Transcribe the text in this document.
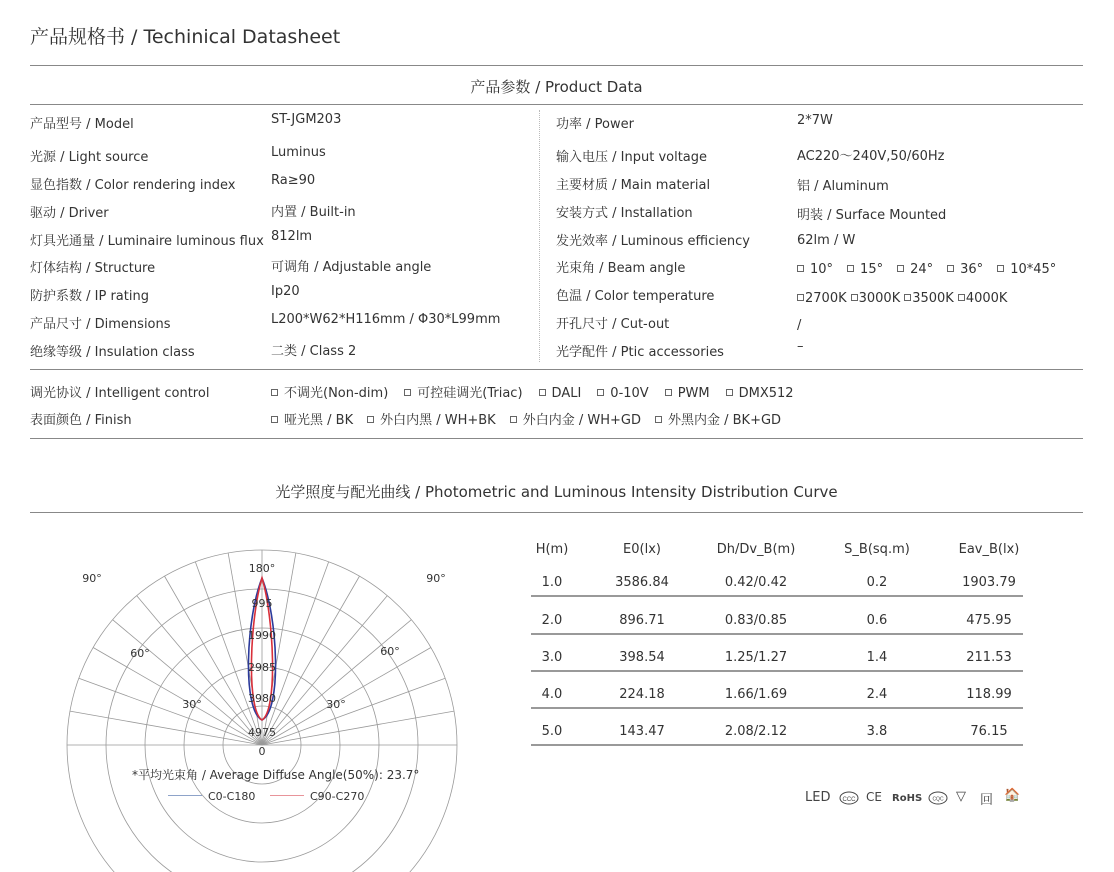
产品规格书 / Techinical Datasheet
产品参数 / Product Data
产品型号 / Model	ST-JGM203
光源 / Light source	Luminus
显色指数 / Color rendering index	Ra≥90
驱动 / Driver	内置 / Built-in
灯具光通量 / Luminaire luminous flux 812lm
灯体结构 / Structure	可调角 / Adjustable angle
防护系数 / IP rating	Ip20
产品尺寸 / Dimensions	L200*W62*H116mm / Φ30*L99mm
绝缘等级 / Insulation class	二类 / Class 2
功率 / Power	2*7W
输入电压 / Input voltage	AC220～240V,50/60Hz
主要材质 / Main material	铝 / Aluminum
安装方式 / Installation	明装 / Surface Mounted
发光效率 / Luminous efficiency	62lm / W
光束角 / Beam angle	10° 15° 24° 36° 10*45°
色温 / Color temperature	2700K 3000K 3500K 4000K
开孔尺寸 / Cut-out	/
光学配件 / Ptic accessories	–
调光协议 / Intelligent control	不调光(Non-dim) 可控硅调光(Triac) DALI 0-10V PWM DMX512
表面颜色 / Finish	哑光黑 / BK 外白内黑 / WH+BK 外白内金 / WH+GD 外黑内金 / BK+GD
光学照度与配光曲线 / Photometric and Luminous Intensity Distribution Curve
180°
90°	90°
60°	60°
30°	30°
0
995
1990
2985
3980
4975
*平均光束角 / Average Diffuse Angle(50%): 23.7°
C0-C180	C90-C270
H(m)	E0(lx)	Dh/Dv_B(m)	S_B(sq.m)	Eav_B(lx)
1.0	3586.84	0.42/0.42	0.2	1903.79
2.0	896.71	0.83/0.85	0.6	475.95
3.0	398.54	1.25/1.27	1.4	211.53
4.0	224.18	1.66/1.69	2.4	118.99
5.0	143.47	2.08/2.12	3.8	76.15
LED CCC CE RoHS CQC ▽ 回 🏠
